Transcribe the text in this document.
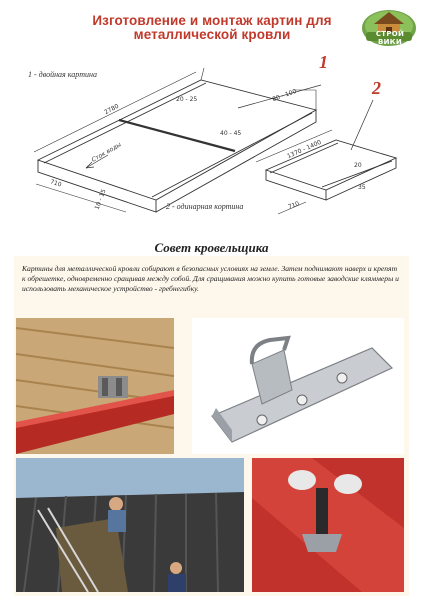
Изготовление и монтаж картин для металлической кровли	СТРОЙ ВИКИ
1 - двойная картина
2 - одинарная кортина
1
2
2780
20 - 25	80 - 100
40 - 45
1370 - 1400
710
710
35
20
10 - 15
Сток воды
Совет кровельщика
Картины для металлической кровли собирают в безопасных условиях на земле. Затем поднимают наверх и крепят к обрешетке, одновременно сращивая между собой. Для сращивания можно купить готовые заводские кляммеры и использовать механическое устройство - гребнегибку.
